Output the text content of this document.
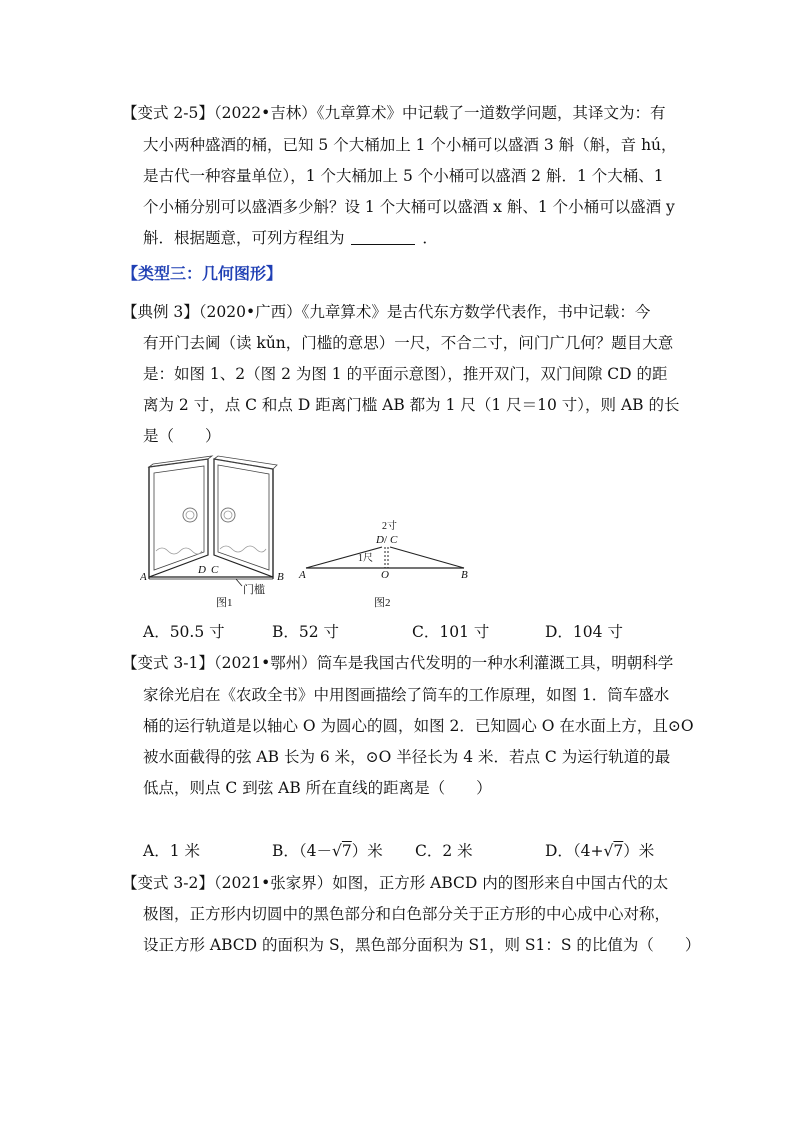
【变式 2-5】（2022•吉林）《九章算术》中记载了一道数学问题，其译文为：有
大小两种盛酒的桶，已知 5 个大桶加上 1 个小桶可以盛酒 3 斛（斛，音 hú，
是古代一种容量单位），1 个大桶加上 5 个小桶可以盛酒 2 斛．1 个大桶、1
个小桶分别可以盛酒多少斛？设 1 个大桶可以盛酒 x 斛、1 个小桶可以盛酒 y
斛．根据题意，可列方程组为	．
【类型三：几何图形】
【典例 3】（2020•广西）《九章算术》是古代东方数学代表作，书中记载：今
有开门去阃（读 kǔn，门槛的意思）一尺，不合二寸，问门广几何？题目大意
是：如图 1、2（图 2 为图 1 的平面示意图），推开双门，双门间隙 CD 的距
离为 2 寸，点 C 和点 D 距离门槛 AB 都为 1 尺（1 尺＝10 寸），则 AB 的长
是（　　）
A
D C
B
门槛
图1
2寸
D / C
1尺
A	O	B
图2
A．50.5 寸	B．52 寸	C．101 寸	D．104 寸
【变式 3-1】（2021•鄂州）筒车是我国古代发明的一种水利灌溉工具，明朝科学
家徐光启在《农政全书》中用图画描绘了筒车的工作原理，如图 1．筒车盛水
桶的运行轨道是以轴心 O 为圆心的圆，如图 2．已知圆心 O 在水面上方，且⊙O
被水面截得的弦 AB 长为 6 米，⊙O 半径长为 4 米．若点 C 为运行轨道的最
低点，则点 C 到弦 AB 所在直线的距离是（　　）
A．1 米	B．（4－√7）米 C．2 米	D．（4+√7）米
【变式 3-2】（2021•张家界）如图，正方形 ABCD 内的图形来自中国古代的太
极图，正方形内切圆中的黑色部分和白色部分关于正方形的中心成中心对称，
设正方形 ABCD 的面积为 S，黑色部分面积为 S1，则 S1：S 的比值为（　　）
